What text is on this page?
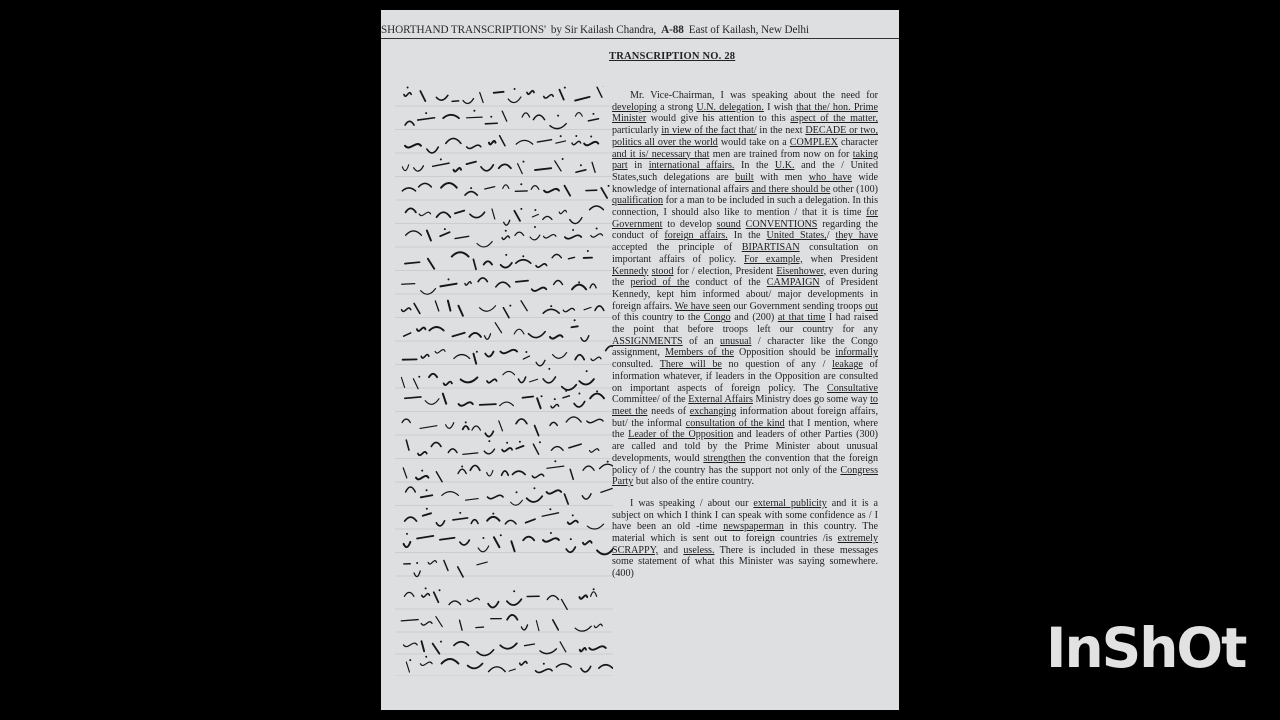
SHORTHAND TRANSCRIPTIONS' by Sir Kailash Chandra, A-88 East of Kailash, New Delhi
TRANSCRIPTION NO. 28

Mr. Vice-Chairman, I was speaking about the need for developing a strong U.N. delegation. I wish that the/ hon. Prime Minister would give his attention to this aspect of the matter, particularly in view of the fact that/ in the next DECADE or two, politics all over the world would take on a COMPLEX character and it is/ necessary that men are trained from now on for taking part in international affairs. In the U.K. and the / United States,such delegations are built with men who have wide knowledge of international affairs and there should be other (100) qualification for a man to be included in such a delegation. In this connection, I should also like to mention / that it is time for Government to develop sound CONVENTIONS regarding the conduct of foreign affairs. In the United States,/ they have accepted the principle of BIPARTISAN consultation on important affairs of policy. For example, when President Kennedy stood for / election, President Eisenhower, even during the period of the conduct of the CAMPAIGN of President Kennedy, kept him informed about/ major developments in foreign affairs. We have seen our Government sending troops out of this country to the Congo and (200) at that time I had raised the point that before troops left our country for any ASSIGNMENTS of an unusual / character like the Congo assignment, Members of the Opposition should be informally consulted. There will be no question of any / leakage of information whatever, if leaders in the Opposition are consulted on important aspects of foreign policy. The Consultative Committee/ of the External Affairs Ministry does go some way to meet the needs of exchanging information about foreign affairs, but/ the informal consultation of the kind that I mention, where the Leader of the Opposition and leaders of other Parties (300) are called and told by the Prime Minister about unusual developments, would strengthen the convention that the foreign policy of / the country has the support not only of the Congress Party but also of the entire country.

I was speaking / about our external publicity and it is a subject on which I think I can speak with some confidence as / I have been an old -time newspaperman in this country. The material which is sent out to foreign countries /is extremely SCRAPPY, and useless. There is included in these messages some statement of what this Minister was saying somewhere. (400)

InShOt
